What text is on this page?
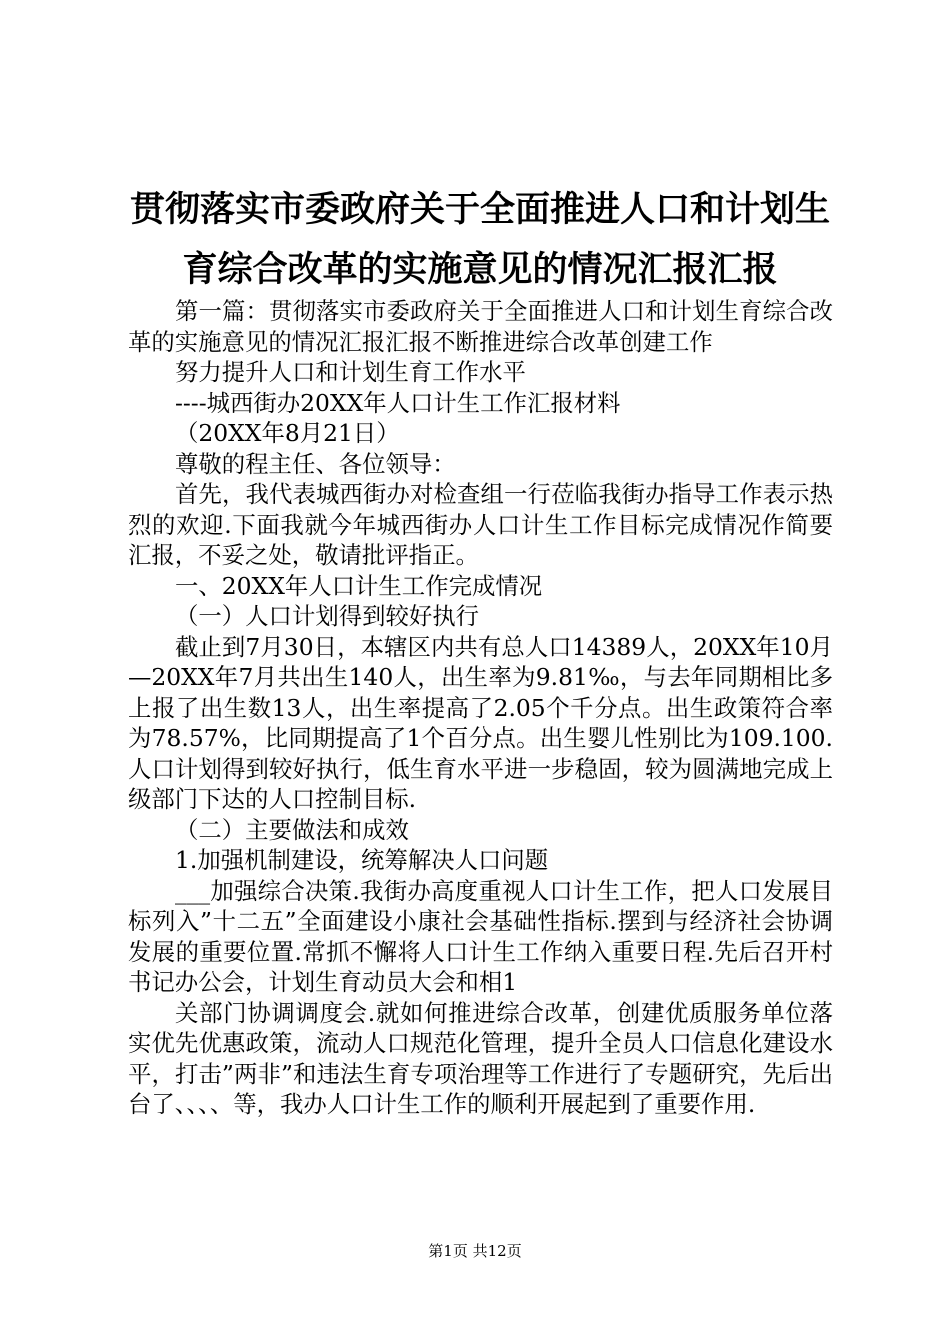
贯彻落实市委政府关于全面推进人口和计划生
育综合改革的实施意见的情况汇报汇报

第一篇：贯彻落实市委政府关于全面推进人口和计划生育综合改革的实施意见的情况汇报汇报不断推进综合改革创建工作

努力提升人口和计划生育工作水平

----城西街办20XX年人口计生工作汇报材料

（20XX年8月21日）

尊敬的程主任、各位领导：

首先，我代表城西街办对检查组一行莅临我街办指导工作表示热烈的欢迎.下面我就今年城西街办人口计生工作目标完成情况作简要汇报，不妥之处，敬请批评指正。

一、20XX年人口计生工作完成情况

（一）人口计划得到较好执行

截止到7月30日，本辖区内共有总人口14389人，20XX年10月—20XX年7月共出生140人，出生率为9.81‰，与去年同期相比多上报了出生数13人，出生率提高了2.05个千分点。出生政策符合率为78.57%，比同期提高了1个百分点。出生婴儿性别比为109.100.人口计划得到较好执行，低生育水平进一步稳固，较为圆满地完成上级部门下达的人口控制目标.

（二）主要做法和成效

1.加强机制建设，统筹解决人口问题

___加强综合决策.我街办高度重视人口计生工作，把人口发展目标列入”十二五”全面建设小康社会基础性指标.摆到与经济社会协调发展的重要位置.常抓不懈将人口计生工作纳入重要日程.先后召开村书记办公会，计划生育动员大会和相1

关部门协调调度会.就如何推进综合改革，创建优质服务单位落实优先优惠政策，流动人口规范化管理，提升全员人口信息化建设水平，打击”两非”和违法生育专项治理等工作进行了专题研究，先后出台了、、、、等，我办人口计生工作的顺利开展起到了重要作用.

第1页 共12页
